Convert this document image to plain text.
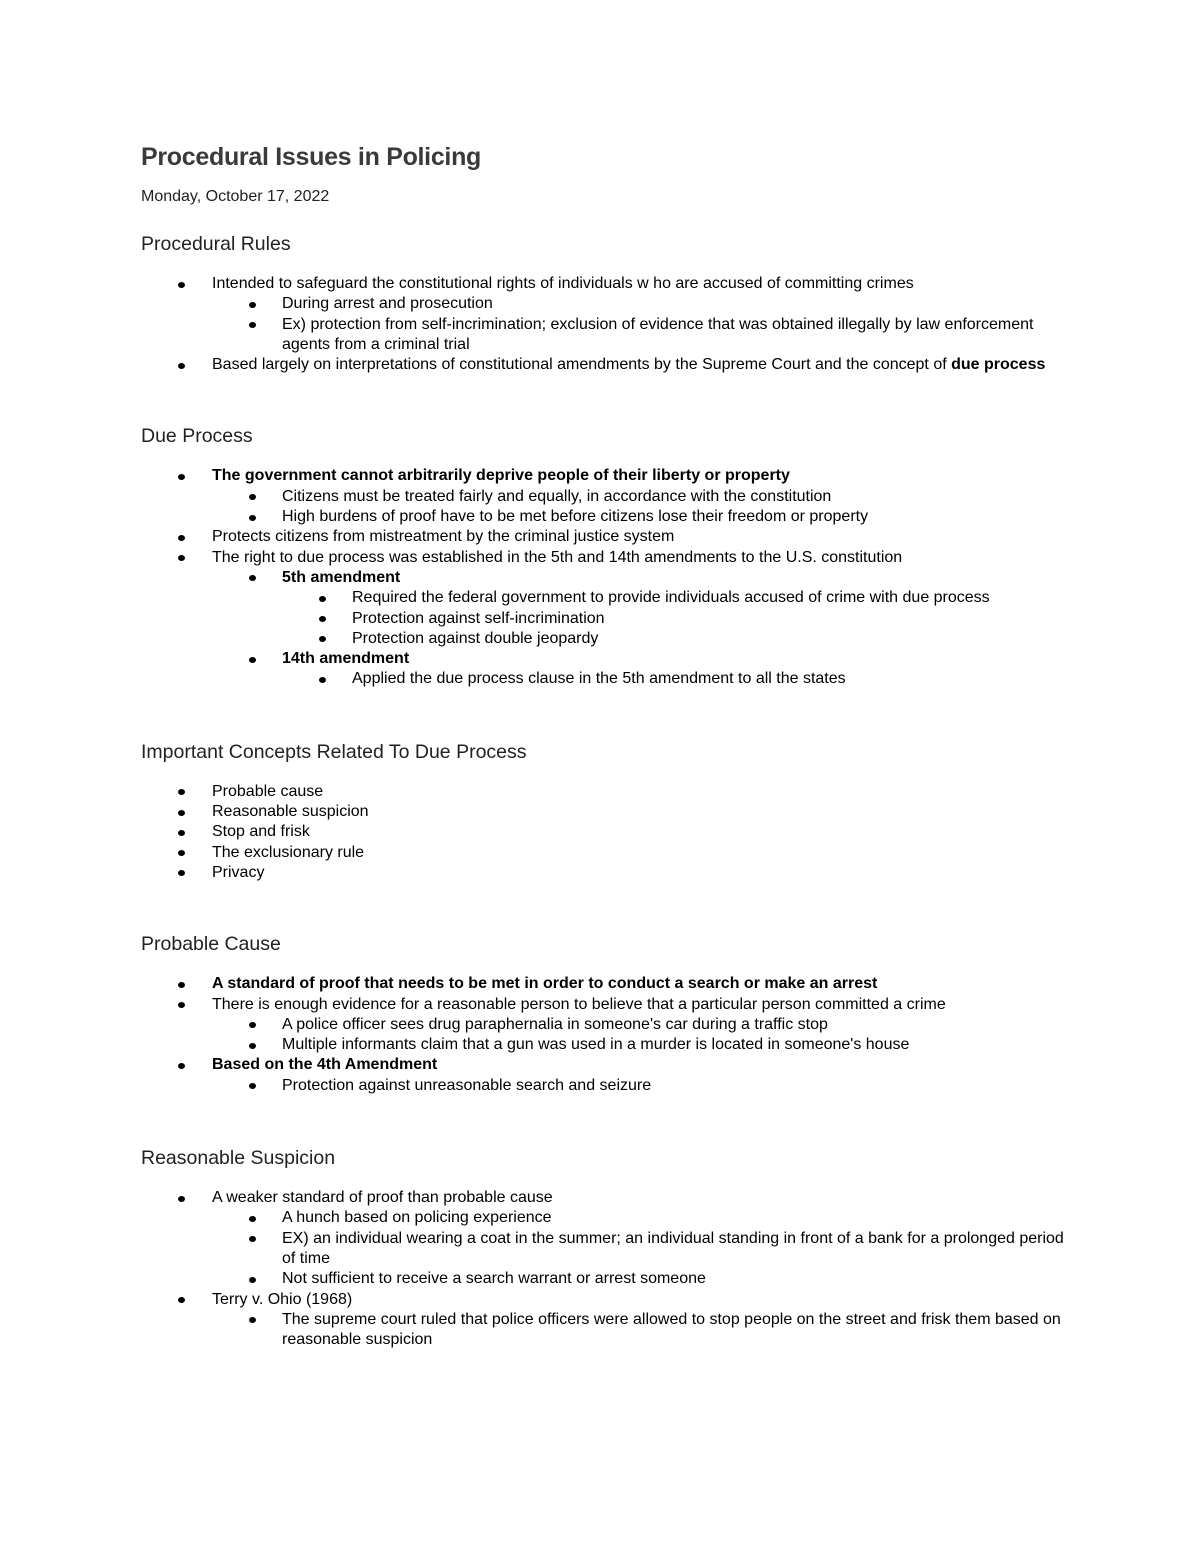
Procedural Issues in Policing
Monday, October 17, 2022
Procedural Rules
Intended to safeguard the constitutional rights of individuals w ho are accused of committing crimes
During arrest and prosecution
Ex) protection from self-incrimination; exclusion of evidence that was obtained illegally by law enforcement agents from a criminal trial
Based largely on interpretations of constitutional amendments by the Supreme Court and the concept of due process
Due Process
The government cannot arbitrarily deprive people of their liberty or property
Citizens must be treated fairly and equally, in accordance with the constitution
High burdens of proof have to be met before citizens lose their freedom or property
Protects citizens from mistreatment by the criminal justice system
The right to due process was established in the 5th and 14th amendments to the U.S. constitution
5th amendment
Required the federal government to provide individuals accused of crime with due process
Protection against self-incrimination
Protection against double jeopardy
14th amendment
Applied the due process clause in the 5th amendment to all the states
Important Concepts Related To Due Process
Probable cause
Reasonable suspicion
Stop and frisk
The exclusionary rule
Privacy
Probable Cause
A standard of proof that needs to be met in order to conduct a search or make an arrest
There is enough evidence for a reasonable person to believe that a particular person committed a crime
A police officer sees drug paraphernalia in someone's car during a traffic stop
Multiple informants claim that a gun was used in a murder is located in someone's house
Based on the 4th Amendment
Protection against unreasonable search and seizure
Reasonable Suspicion
A weaker standard of proof than probable cause
A hunch based on policing experience
EX) an individual wearing a coat in the summer; an individual standing in front of a bank for a prolonged period of time
Not sufficient to receive a search warrant or arrest someone
Terry v. Ohio (1968)
The supreme court ruled that police officers were allowed to stop people on the street and frisk them based on reasonable suspicion
